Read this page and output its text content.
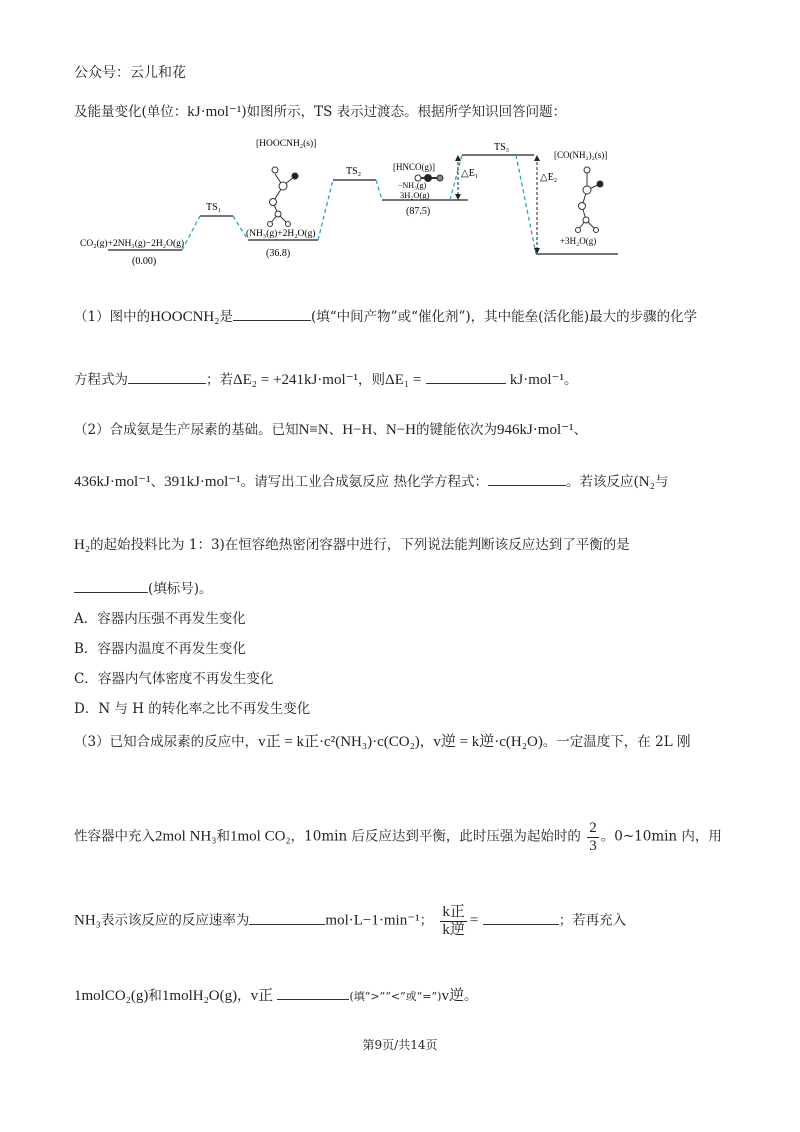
公众号：云儿和花
及能量变化(单位：kJ·mol⁻¹)如图所示，TS 表示过渡态。根据所学知识回答问题：
CO₂(g)+2NH₃(g)−2H₂O(g)
(0.00)
TS₁
[HOOCNH₂(s)]
(NH₃(g)+2H₂O(g)
(36.8)
TS₂	[HNCO(g)]
−NH₃(g)
3H₂O(g)
(87.5)
△E₁
TS₃
△E₂
[CO(NH₂)₂(s)]
+3H₂O(g)
（1）图中的HOOCNH₂是	(填“中间产物”或“催化剂”)，其中能垒(活化能)最大的步骤的化学
方程式为	；若ΔE₂ = +241kJ·mol⁻¹，则ΔE₁ =	kJ·mol⁻¹。
（2）合成氨是生产尿素的基础。已知N≡N、H−H、N−H的键能依次为946kJ·mol⁻¹、
436kJ·mol⁻¹、391kJ·mol⁻¹。请写出工业合成氨反应 热化学方程式：	。若该反应(N₂与
H₂的起始投料比为 1：3)在恒容绝热密闭容器中进行，下列说法能判断该反应达到了平衡的是
(填标号)。
A．容器内压强不再发生变化
B．容器内温度不再发生变化
C．容器内气体密度不再发生变化
D．N 与 H 的转化率之比不再发生变化
（3）已知合成尿素的反应中，v正 = k正·c²(NH₃)·c(CO₂)，v逆 = k逆·c(H₂O)。一定温度下，在 2L 刚
性容器中充入2mol NH₃和1mol CO₂，10min 后反应达到平衡，此时压强为起始时的 $\frac{2}{3}$ 。0~10min 内，用
NH₃表示该反应的反应速率为	mol·L−1·min⁻¹；
k正
k逆
=	；若再充入
1molCO₂(g)和1molH₂O(g)，v正	(填“>”“<”或“=”)v逆。
第9页/共14页
